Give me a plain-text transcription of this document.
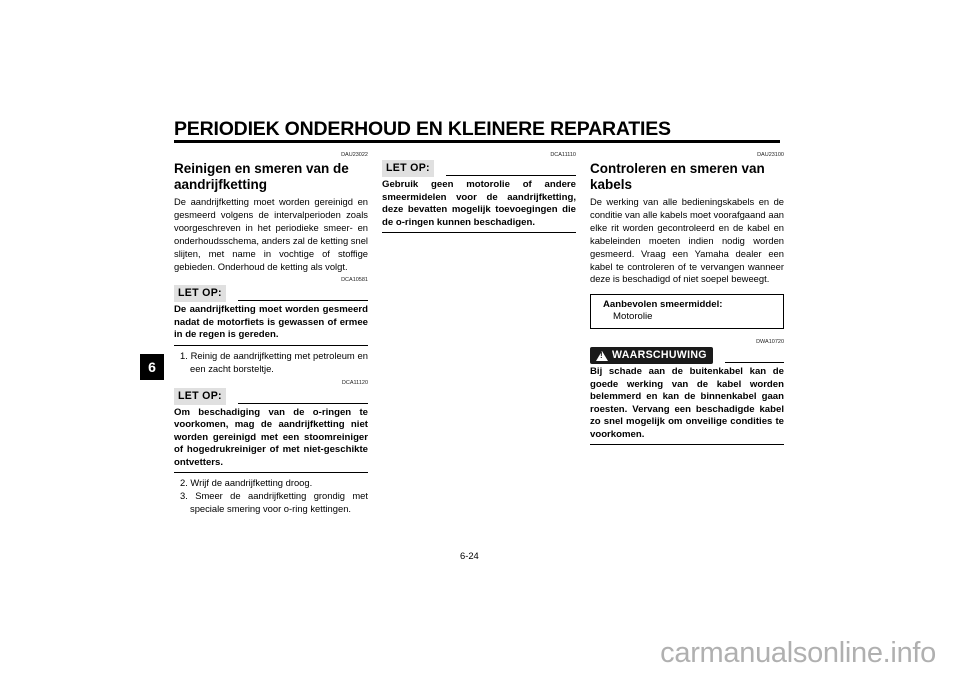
PERIODIEK ONDERHOUD EN KLEINERE REPARATIES
6
DAU23022
Reinigen en smeren van de aandrijfketting

De aandrijfketting moet worden gereinigd en gesmeerd volgens de intervalperioden zoals voorgeschreven in het periodieke smeer- en onderhoudsschema, anders zal de ketting snel slijten, met name in vochtige of stoffige gebieden. Onderhoud de ketting als volgt.

DCA10581
LET OP:
De aandrijfketting moet worden gesmeerd nadat de motorfiets is gewassen of ermee in de regen is gereden.

1. Reinig de aandrijfketting met petroleum en een zacht borsteltje.

DCA11120
LET OP:
Om beschadiging van de o-ringen te voorkomen, mag de aandrijfketting niet worden gereinigd met een stoomreiniger of hogedrukreiniger of met niet-geschikte ontvetters.

2. Wrijf de aandrijfketting droog.

3. Smeer de aandrijfketting grondig met speciale smering voor o-ring kettingen.

DCA11110
LET OP:
Gebruik geen motorolie of andere smeermidelen voor de aandrijfketting, deze bevatten mogelijk toevoegingen die de o-ringen kunnen beschadigen.
DAU23100
Controleren en smeren van kabels

De werking van alle bedieningskabels en de conditie van alle kabels moet voorafgaand aan elke rit worden gecontroleerd en de kabel en kabeleinden moeten indien nodig worden gesmeerd. Vraag een Yamaha dealer een kabel te controleren of te vervangen wanneer deze is beschadigd of niet soepel beweegt.

Aanbevolen smeermiddel:
Motorolie
DWA10720
!
WAARSCHUWING
Bij schade aan de buitenkabel kan de goede werking van de kabel worden belemmerd en kan de binnenkabel gaan roesten. Vervang een beschadigde kabel zo snel mogelijk om onveilige condities te voorkomen.
6-24
carmanualsonline.info
